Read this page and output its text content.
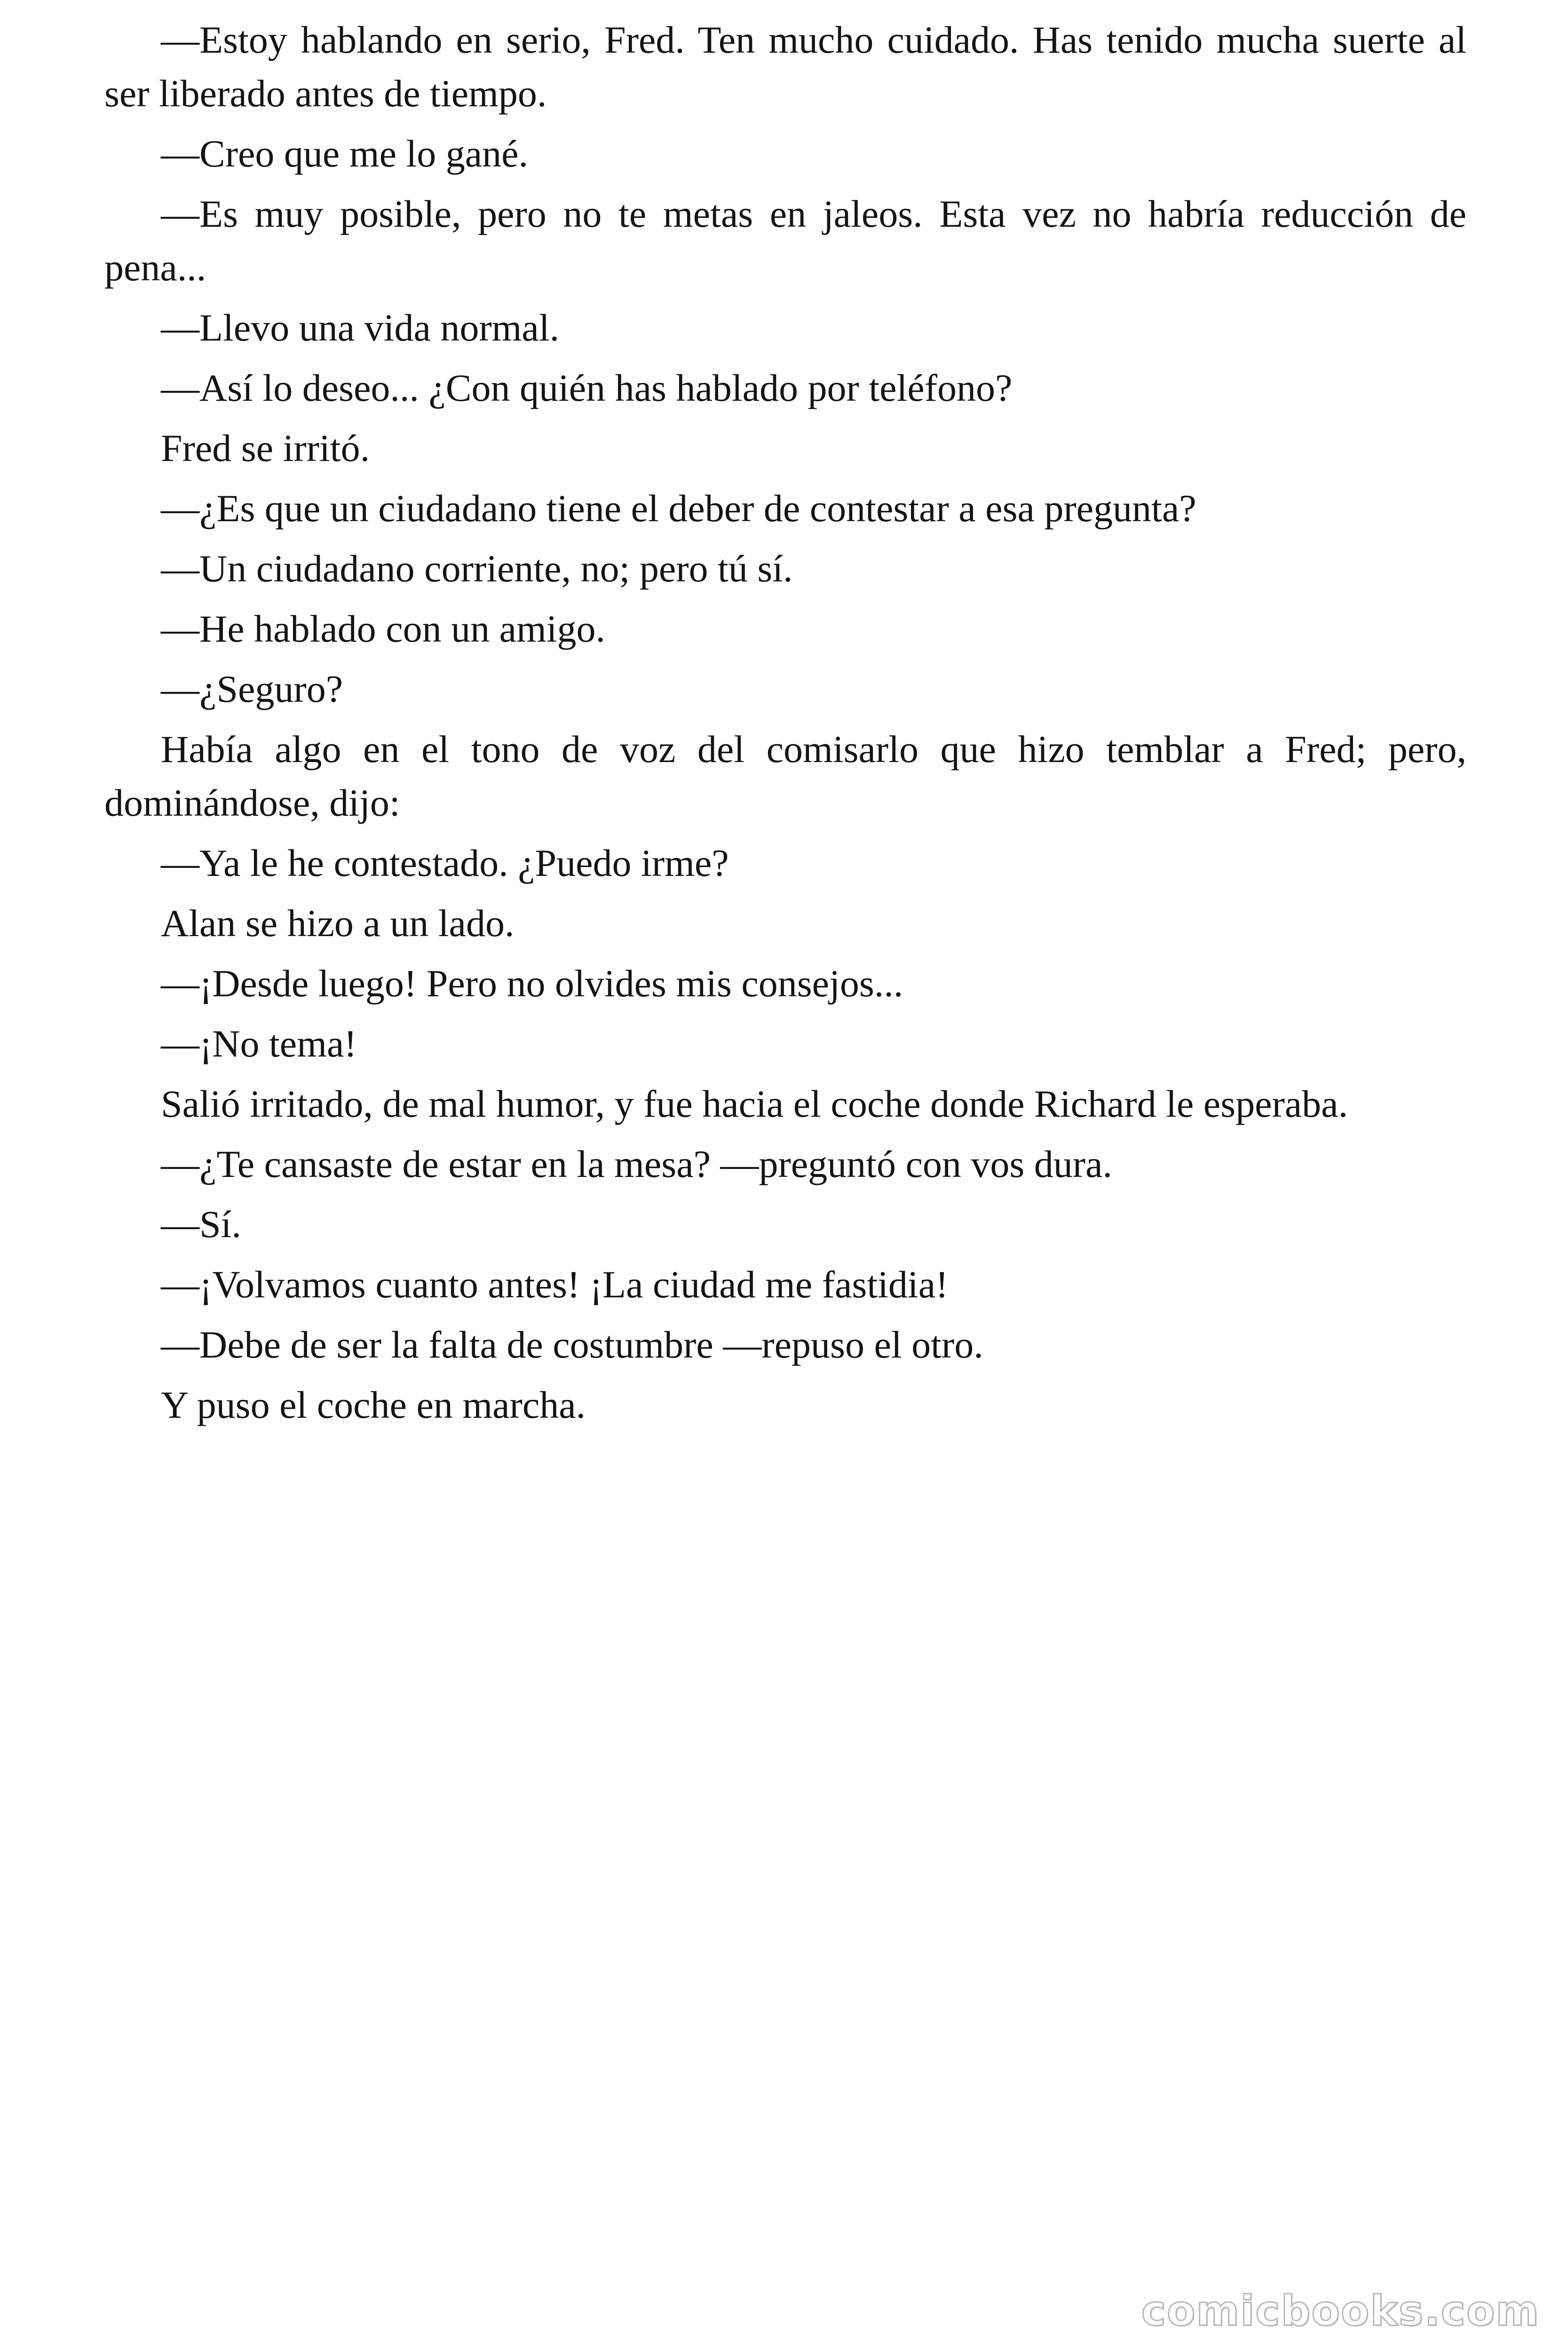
—Estoy hablando en serio, Fred. Ten mucho cuidado. Has tenido mucha suerte al ser liberado antes de tiempo.

—Creo que me lo gané.

—Es muy posible, pero no te metas en jaleos. Esta vez no habría reducción de pena...

—Llevo una vida normal.

—Así lo deseo... ¿Con quién has hablado por teléfono?

Fred se irritó.

—¿Es que un ciudadano tiene el deber de contestar a esa pregunta?

—Un ciudadano corriente, no; pero tú sí.

—He hablado con un amigo.

—¿Seguro?

Había algo en el tono de voz del comisarlo que hizo temblar a Fred; pero, dominándose, dijo:

—Ya le he contestado. ¿Puedo irme?

Alan se hizo a un lado.

—¡Desde luego! Pero no olvides mis consejos...

—¡No tema!

Salió irritado, de mal humor, y fue hacia el coche donde Richard le esperaba.

—¿Te cansaste de estar en la mesa? —preguntó con vos dura.

—Sí.

—¡Volvamos cuanto antes! ¡La ciudad me fastidia!

—Debe de ser la falta de costumbre —repuso el otro.

Y puso el coche en marcha.

comicbooks.com
